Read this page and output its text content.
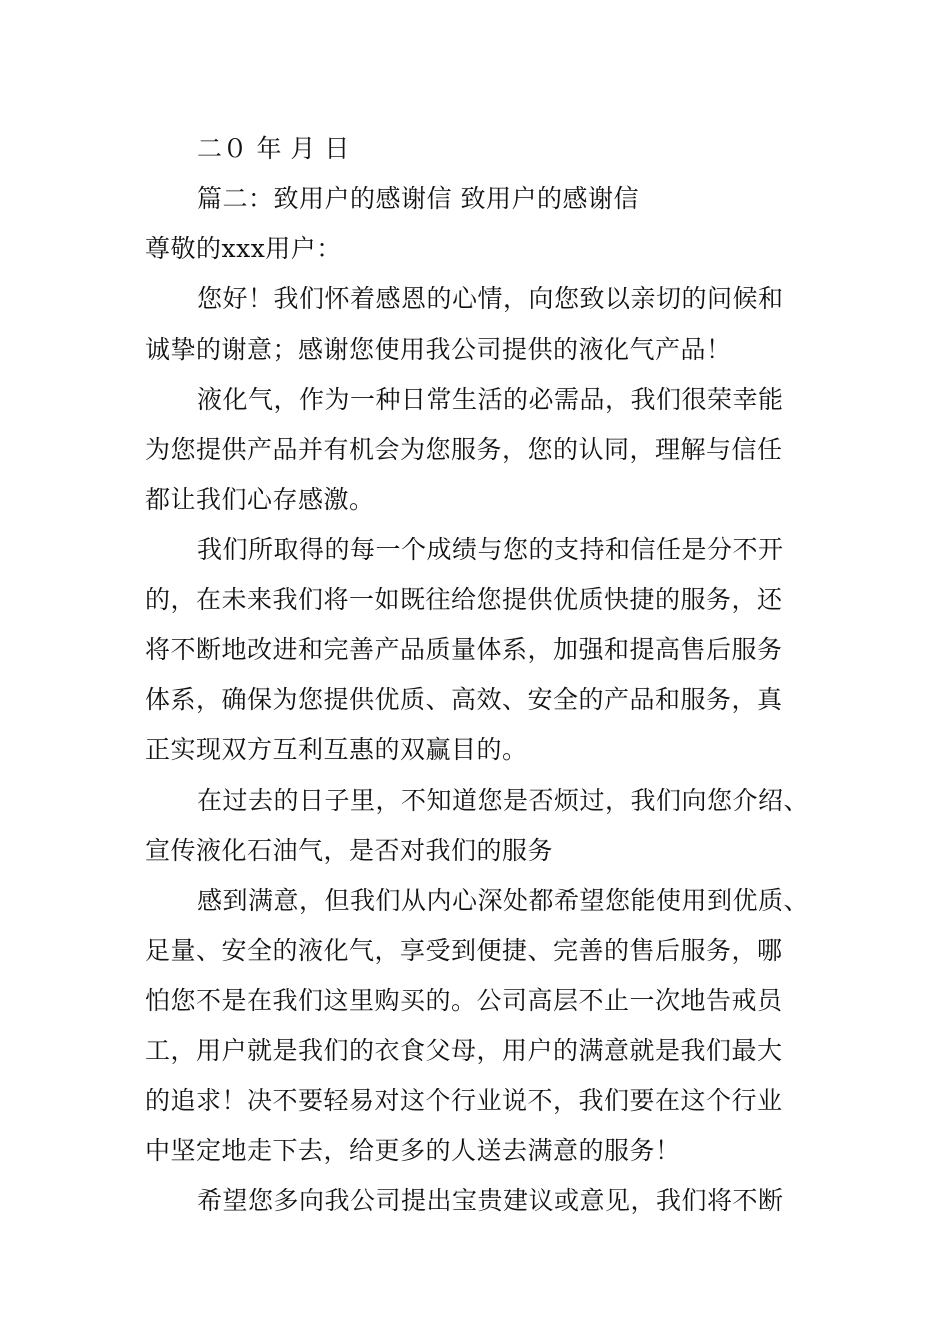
二０ 年 月 日
篇二：致用户的感谢信 致用户的感谢信
尊敬的xxx用户：
您好！我们怀着感恩的心情，向您致以亲切的问候和
诚挚的谢意；感谢您使用我公司提供的液化气产品！
液化气，作为一种日常生活的必需品，我们很荣幸能
为您提供产品并有机会为您服务，您的认同，理解与信任
都让我们心存感激。
我们所取得的每一个成绩与您的支持和信任是分不开
的，在未来我们将一如既往给您提供优质快捷的服务，还
将不断地改进和完善产品质量体系，加强和提高售后服务
体系，确保为您提供优质、高效、安全的产品和服务，真
正实现双方互利互惠的双赢目的。
在过去的日子里，不知道您是否烦过，我们向您介绍、
宣传液化石油气，是否对我们的服务
感到满意，但我们从内心深处都希望您能使用到优质、
足量、安全的液化气，享受到便捷、完善的售后服务，哪
怕您不是在我们这里购买的。公司高层不止一次地告戒员
工，用户就是我们的衣食父母，用户的满意就是我们最大
的追求！决不要轻易对这个行业说不，我们要在这个行业
中坚定地走下去，给更多的人送去满意的服务！
希望您多向我公司提出宝贵建议或意见，我们将不断
